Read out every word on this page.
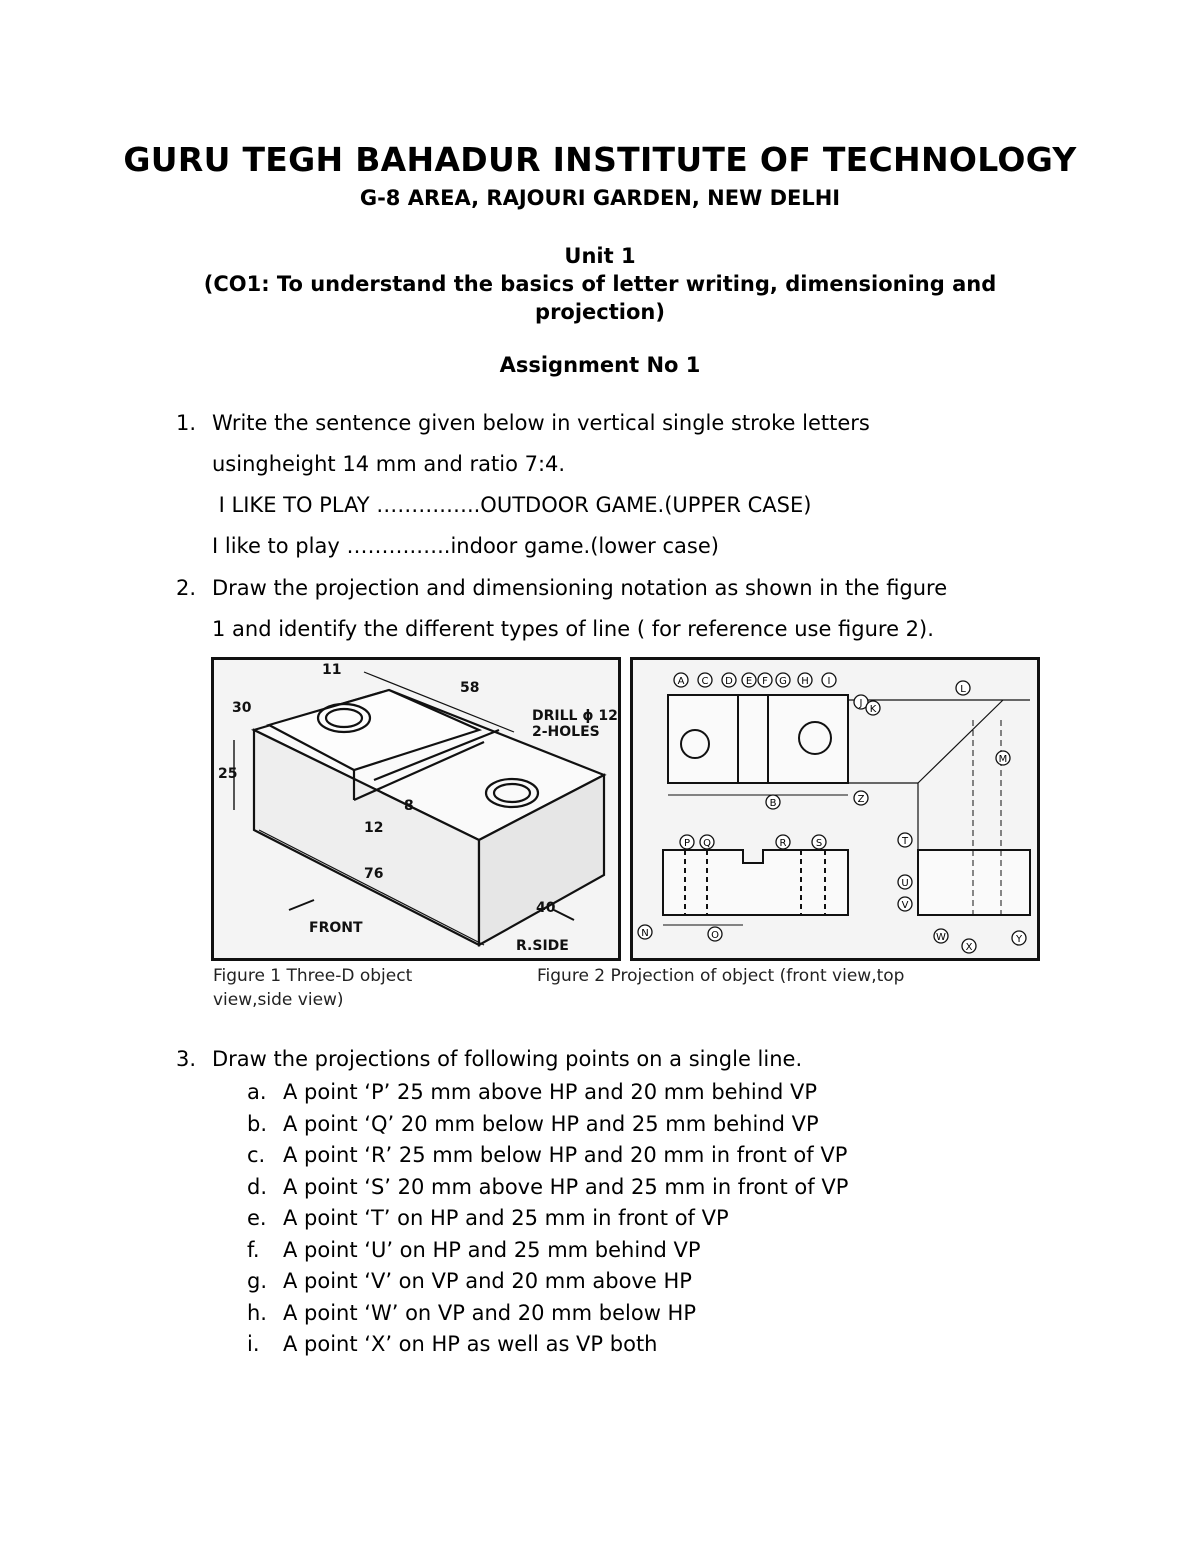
GURU TEGH BAHADUR INSTITUTE OF TECHNOLOGY
G-8 AREA, RAJOURI GARDEN, NEW DELHI
Unit 1
(CO1: To understand the basics of letter writing, dimensioning and projection)
Assignment No 1
1. Write the sentence given below in vertical single stroke letters
usingheight 14 mm and ratio 7:4.
I LIKE TO PLAY ……….…..OUTDOOR GAME.(UPPER CASE)
I like to play ……….…..indoor game.(lower case)
2. Draw the projection and dimensioning notation as shown in the figure
1 and identify the different types of line ( for reference use figure 2).
11
58
30
25
12
8
76
40
DRILL ϕ 12
2-HOLES
FRONT
R.SIDE
A C D E F G H I
J
K
L
M
B	Z
P Q	R	S	T
U
V
W
X
Y
N	O
Figure 1 Three-D object view,side view)
Figure 2 Projection of object (front view,top
3. Draw the projections of following points on a single line.
a. A point ‘P’ 25 mm above HP and 20 mm behind VP
b. A point ‘Q’ 20 mm below HP and 25 mm behind VP
c. A point ‘R’ 25 mm below HP and 20 mm in front of VP
d. A point ‘S’ 20 mm above HP and 25 mm in front of VP
e. A point ‘T’ on HP and 25 mm in front of VP
f. A point ‘U’ on HP and 25 mm behind VP
g. A point ‘V’ on VP and 20 mm above HP
h. A point ‘W’ on VP and 20 mm below HP
i. A point ‘X’ on HP as well as VP both
